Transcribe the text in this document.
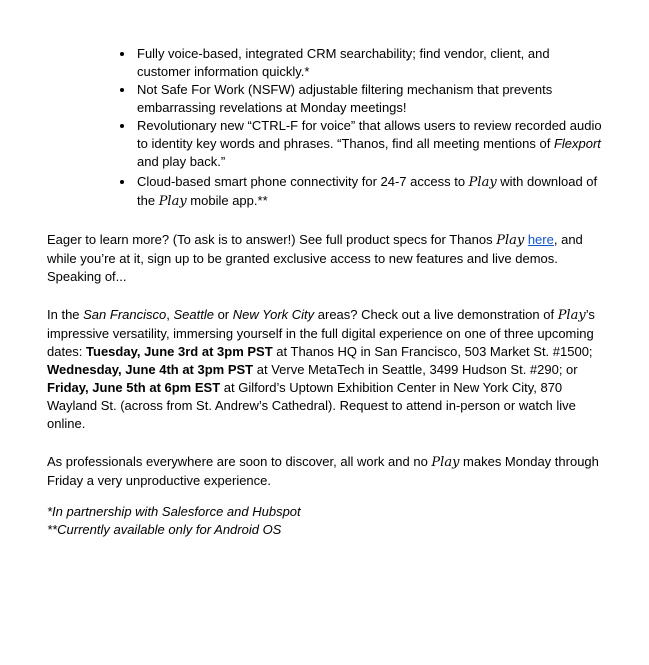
• Fully voice-based, integrated CRM searchability; find vendor, client, and customer information quickly.*
• Not Safe For Work (NSFW) adjustable filtering mechanism that prevents embarrassing revelations at Monday meetings!
• Revolutionary new “CTRL-F for voice” that allows users to review recorded audio to identity key words and phrases. “Thanos, find all meeting mentions of Flexport and play back.”
• Cloud-based smart phone connectivity for 24-7 access to Play with download of the Play mobile app.**

Eager to learn more? (To ask is to answer!) See full product specs for Thanos Play here, and while you’re at it, sign up to be granted exclusive access to new features and live demos. Speaking of...

In the San Francisco, Seattle or New York City areas? Check out a live demonstration of Play’s impressive versatility, immersing yourself in the full digital experience on one of three upcoming dates: Tuesday, June 3rd at 3pm PST at Thanos HQ in San Francisco, 503 Market St. #1500; Wednesday, June 4th at 3pm PST at Verve MetaTech in Seattle, 3499 Hudson St. #290; or Friday, June 5th at 6pm EST at Gilford’s Uptown Exhibition Center in New York City, 870 Wayland St. (across from St. Andrew’s Cathedral). Request to attend in-person or watch live online.

As professionals everywhere are soon to discover, all work and no Play makes Monday through Friday a very unproductive experience.

*In partnership with Salesforce and Hubspot

**Currently available only for Android OS
